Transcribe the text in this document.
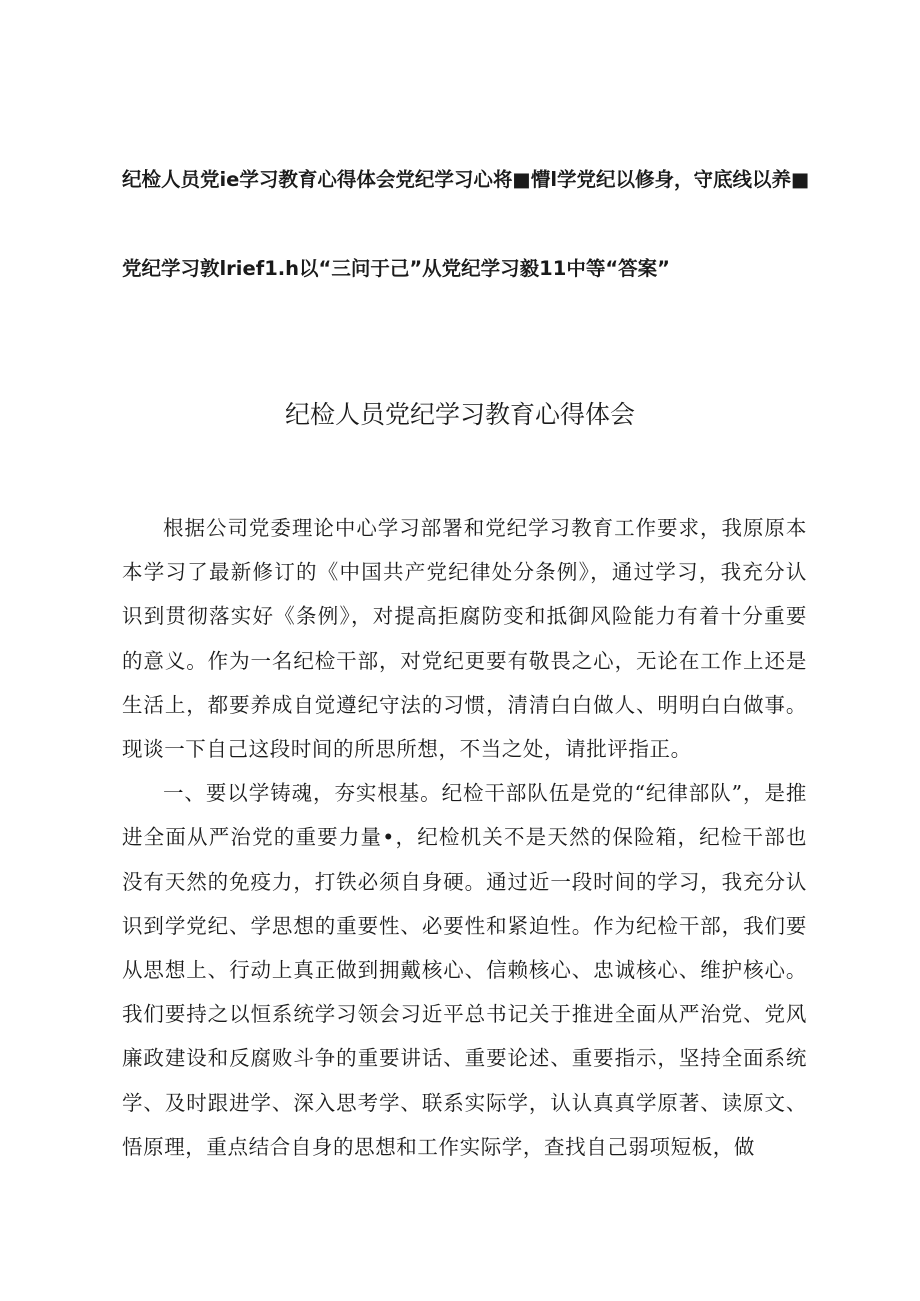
纪检人员党ie学习教育心得体会党纪学习心将■懵l学党纪以修身，守底线以养■
党纪学习敦lrief1.h以“三问于己”从党纪学习毅11中等“答案”
纪检人员党纪学习教育心得体会

根据公司党委理论中心学习部署和党纪学习教育工作要求，我原原本本学习了最新修订的《中国共产党纪律处分条例》，通过学习，我充分认识到贯彻落实好《条例》，对提高拒腐防变和抵御风险能力有着十分重要的意义。作为一名纪检干部，对党纪更要有敬畏之心，无论在工作上还是生活上，都要养成自觉遵纪守法的习惯，清清白白做人、明明白白做事。现谈一下自己这段时间的所思所想，不当之处，请批评指正。

一、要以学铸魂，夯实根基。纪检干部队伍是党的“纪律部队”，是推进全面从严治党的重要力量•，纪检机关不是天然的保险箱，纪检干部也没有天然的免疫力，打铁必须自身硬。通过近一段时间的学习，我充分认识到学党纪、学思想的重要性、必要性和紧迫性。作为纪检干部，我们要从思想上、行动上真正做到拥戴核心、信赖核心、忠诚核心、维护核心。我们要持之以恒系统学习领会习近平总书记关于推进全面从严治党、党风廉政建设和反腐败斗争的重要讲话、重要论述、重要指示，坚持全面系统学、及时跟进学、深入思考学、联系实际学，认认真真学原著、读原文、悟原理，重点结合自身的思想和工作实际学，查找自己弱项短板，做
